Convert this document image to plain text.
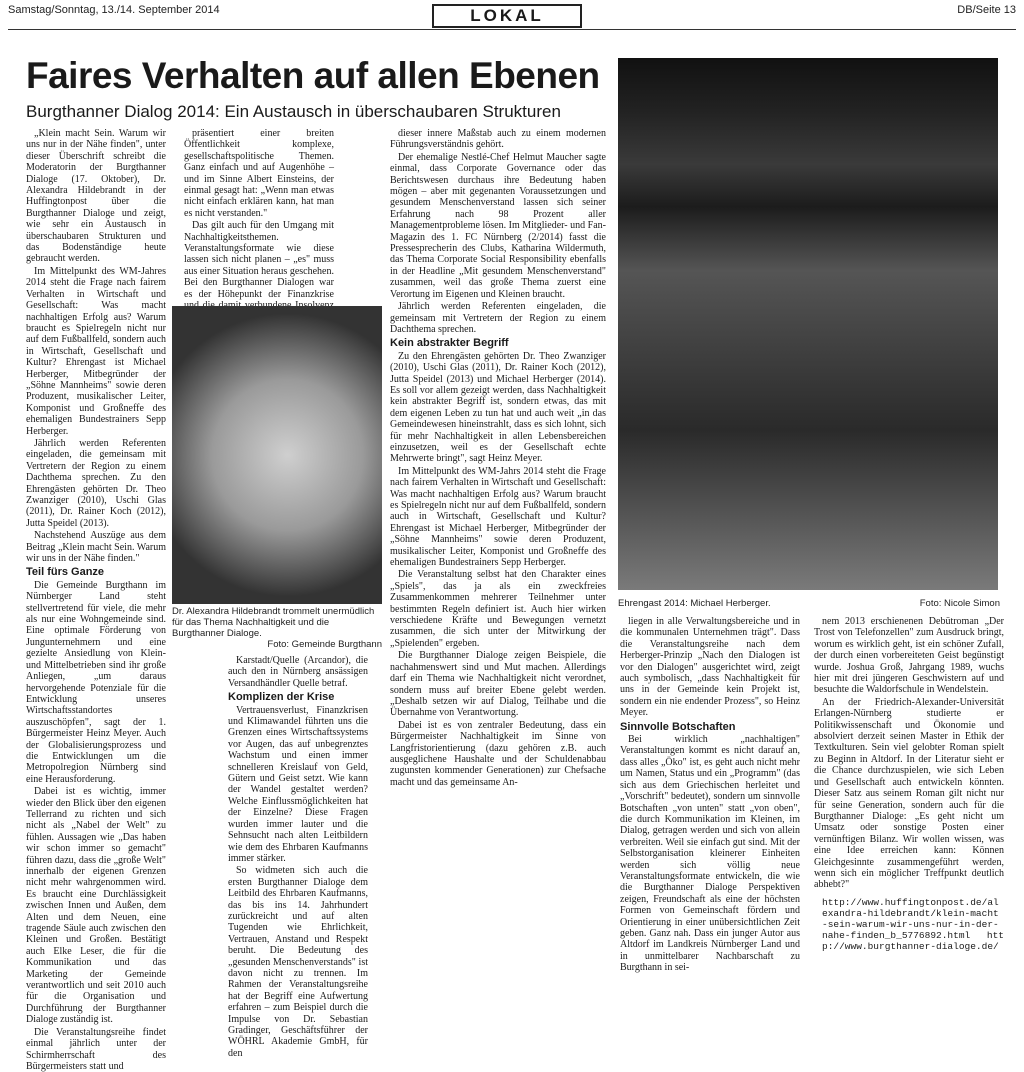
Samstag/Sonntag, 13./14. September 2014	LOKAL	DB/Seite 13
Faires Verhalten auf allen Ebenen
Burgthanner Dialog 2014: Ein Austausch in überschaubaren Strukturen

„Klein macht Sein. Warum wir uns nur in der Nähe finden", unter dieser Überschrift schreibt die Moderatorin der Burgthanner Dialoge (17. Oktober), Dr. Alexandra Hildebrandt in der Huffingtonpost über die Burgthanner Dialoge und zeigt, wie sehr ein Austausch in überschaubaren Strukturen und das Bodenständige heute gebraucht werden.

Im Mittelpunkt des WM-Jahres 2014 steht die Frage nach fairem Verhalten in Wirtschaft und Gesellschaft: Was macht nachhaltigen Erfolg aus? Warum braucht es Spielregeln nicht nur auf dem Fußballfeld, sondern auch in Wirtschaft, Gesellschaft und Kultur? Ehrengast ist Michael Herberger, Mitbegründer der „Söhne Mannheims" sowie deren Produzent, musikalischer Leiter, Komponist und Großneffe des ehemaligen Bundestrainers Sepp Herberger.

Jährlich werden Referenten eingeladen, die gemeinsam mit Vertretern der Region zu einem Dachthema sprechen. Zu den Ehrengästen gehörten Dr. Theo Zwanziger (2010), Uschi Glas (2011), Dr. Rainer Koch (2012), Jutta Speidel (2013).

Nachstehend Auszüge aus dem Beitrag „Klein macht Sein. Warum wir uns in der Nähe finden."

Teil fürs Ganze

Die Gemeinde Burgthann im Nürnberger Land steht stellvertretend für viele, die mehr als nur eine Wohngemeinde sind. Eine optimale Förderung von Jungunternehmern und eine gezielte Ansiedlung von Klein- und Mittelbetrieben sind ihr große Anliegen, „um daraus hervorgehende Potenziale für die Entwicklung unseres Wirtschaftsstandortes auszuschöpfen", sagt der 1. Bürgermeister Heinz Meyer. Auch der Globalisierungsprozess und die Entwicklungen um die Metropolregion Nürnberg sind eine Herausforderung.

Dabei ist es wichtig, immer wieder den Blick über den eigenen Tellerrand zu richten und sich nicht als „Nabel der Welt" zu fühlen. Aussagen wie „Das haben wir schon immer so gemacht" führen dazu, dass die „große Welt" innerhalb der eigenen Grenzen nicht mehr wahrgenommen wird. Es braucht eine Durchlässigkeit zwischen Innen und Außen, dem Alten und dem Neuen, eine tragende Säule auch zwischen den Kleinen und Großen. Bestätigt auch Elke Leser, die für die Kommunikation und das Marketing der Gemeinde verantwortlich und seit 2010 auch für die Organisation und Durchführung der Burgthanner Dialoge zuständig ist.

Die Veranstaltungsreihe findet einmal jährlich unter der Schirmherrschaft des Bürgermeisters statt und

präsentiert einer breiten Öffentlichkeit komplexe, gesellschaftspolitische Themen. Ganz einfach und auf Augenhöhe – und im Sinne Albert Einsteins, der einmal gesagt hat: „Wenn man etwas nicht einfach erklären kann, hat man es nicht verstanden."

Das gilt auch für den Umgang mit Nachhaltigkeitsthemen. Veranstaltungsformate wie diese lassen sich nicht planen – „es" muss aus einer Situation heraus geschehen. Bei den Burgthanner Dialogen war es der Höhepunkt der Finanzkrise

Dr. Alexandra Hildebrandt trommelt unermüdlich für das Thema Nachhaltigkeit und die Burgthanner Dialoge.
Foto: Gemeinde Burgthann

Karstadt/Quelle (Arcandor), die auch den in Nürnberg ansässigen Versandhändler Quelle betraf.

Komplizen der Krise

Vertrauensverlust, Finanzkrisen und Klimawandel führten uns die Grenzen eines Wirtschaftssystems vor Augen, das auf unbegrenztes Wachstum und einen immer schnelleren Kreislauf von Geld, Gütern und Geist setzt. Wie kann der Wandel gestaltet werden? Welche Einflussmöglichkeiten hat der Einzelne? Diese Fragen wurden immer lauter und die Sehnsucht nach alten Leitbildern wie dem des Ehrbaren Kaufmanns immer stärker.

So widmeten sich auch die ersten Burgthanner Dialoge dem Leitbild des Ehrbaren Kaufmanns, das bis ins 14. Jahrhundert zurückreicht und auf alten Tugenden wie Ehrlichkeit, Vertrauen, Anstand und Respekt beruht. Die Bedeutung des „gesunden Menschenverstands" ist davon nicht zu trennen. Im Rahmen der Veranstaltungsreihe hat der Begriff eine Aufwertung erfahren – zum Beispiel durch die Impulse von Dr. Sebastian Gradinger, Geschäftsführer der WÖHRL Akademie GmbH, für den

dieser innere Maßstab auch zu einem modernen Führungsverständnis gehört.

Der ehemalige Nestlé-Chef Helmut Maucher sagte einmal, dass Corporate Governance oder das Berichtswesen durchaus ihre Bedeutung haben mögen – aber mit gegenanten Voraussetzungen und gesundem Menschenverstand lassen sich seiner Erfahrung nach 98 Prozent aller Managementprobleme lösen. Im Mitglieder- und Fan-Magazin des 1. FC Nürnberg (2/2014) fasst die Pressesprecherin des Clubs, Katharina Wildermuth, das Thema Corporate Social Responsibility ebenfalls in der Headline „Mit gesundem Menschenverstand" zusammen, weil das große Thema zuerst eine Verortung im Eigenen und Kleinen braucht.

Jährlich werden Referenten eingeladen, die gemeinsam mit Vertretern der Region zu einem Dachthema sprechen.

Kein abstrakter Begriff

Zu den Ehrengästen gehörten Dr. Theo Zwanziger (2010), Uschi Glas (2011), Dr. Rainer Koch (2012), Jutta Speidel (2013) und Michael Herberger (2014). Es soll vor allem gezeigt werden, dass Nachhaltigkeit kein abstrakter Begriff ist, sondern etwas, das mit dem eigenen Leben zu tun hat und auch weit „in das Gemeindewesen hineinstrahlt, dass es sich lohnt, sich für mehr Nachhaltigkeit in allen Lebensbereichen einzusetzen, weil es der Gesellschaft echte Mehrwerte bringt", sagt Heinz Meyer.

Im Mittelpunkt des WM-Jahrs 2014 steht die Frage nach fairem Verhalten in Wirtschaft und Gesellschaft: Was macht nachhaltigen Erfolg aus? Warum braucht es Spielregeln nicht nur auf dem Fußballfeld, sondern auch in Wirtschaft, Gesellschaft und Kultur? Ehrengast ist Michael Herberger, Mitbegründer der „Söhne Mannheims" sowie deren Produzent, musikalischer Leiter, Komponist und Großneffe des ehemaligen Bundestrainers Sepp Herberger.

Die Veranstaltung selbst hat den Charakter eines „Spiels", das ja als ein zweckfreies Zusammenkommen mehrerer Teilnehmer unter bestimmten Regeln definiert ist. Auch hier wirken verschiedene Kräfte und Bewegungen vernetzt zusammen, die sich unter der Mitwirkung der „Spielenden" ergeben.

Die Burgthanner Dialoge zeigen Beispiele, die nachahmenswert sind und Mut machen. Allerdings darf ein Thema wie Nachhaltigkeit nicht verordnet, sondern muss auf breiter Ebene gelebt werden. „Deshalb setzen wir auf Dialog, Teilhabe und die Übernahme von Verantwortung.

Dabei ist es von zentraler Bedeutung, dass ein Bürgermeister Nachhaltigkeit im Sinne von Langfristorientierung (dazu gehören z.B. auch ausgeglichene Haushalte und der Schuldenabbau zugunsten kommender Generationen) zur Chefsache macht und das gemeinsame An-

Ehrengast 2014: Michael Herberger.	Foto: Nicole Simon

liegen in alle Verwaltungsbereiche und in die kommunalen Unternehmen trägt". Dass die Veranstaltungsreihe nach dem Herberger-Prinzip „Nach den Dialogen ist vor den Dialogen" ausgerichtet wird, zeigt auch symbolisch, „dass Nachhaltigkeit für uns in der Gemeinde kein Projekt ist, sondern ein nie endender Prozess", so Heinz Meyer.

Sinnvolle Botschaften

Bei wirklich „nachhaltigen" Veranstaltungen kommt es nicht darauf an, dass alles „Öko" ist, es geht auch nicht mehr um Namen, Status und ein „Programm" (das sich aus dem Griechischen herleitet und „Vorschrift" bedeutet), sondern um sinnvolle Botschaften „von unten" statt „von oben", die durch Kommunikation im Kleinen, im Dialog, getragen werden und sich von allein verbreiten. Weil sie einfach gut sind. Mit der Selbstorganisation kleinerer Einheiten werden sich völlig neue Veranstaltungsformate entwickeln, die wie die Burgthanner Dialoge Perspektiven zeigen, Freundschaft als eine der höchsten Formen von Gemeinschaft fördern und Orientierung in einer unübersichtlichen Zeit geben. Ganz nah. Dass ein junger Autor aus Altdorf im Landkreis Nürnberger Land und in unmittelbarer Nachbarschaft zu Burgthann in sei-

nem 2013 erschienenen Debütroman „Der Trost von Telefonzellen" zum Ausdruck bringt, worum es wirklich geht, ist ein schöner Zufall, der durch einen vorbereiteten Geist begünstigt wurde. Joshua Groß, Jahrgang 1989, wuchs hier mit drei jüngeren Geschwistern auf und besuchte die Waldorfschule in Wendelstein.

An der Friedrich-Alexander-Universität Erlangen-Nürnberg studierte er Politikwissenschaft und Ökonomie und absolviert derzeit seinen Master in Ethik der Textkulturen. Sein viel gelobter Roman spielt zu Beginn in Altdorf. In der Literatur sieht er die Chance durchzuspielen, wie sich Leben und Gesellschaft auch entwickeln könnten. Dieser Satz aus seinem Roman gilt nicht nur für seine Generation, sondern auch für die Burgthanner Dialoge: „Es geht nicht um Umsatz oder sonstige Posten einer vernünftigen Bilanz. Wir wollen wissen, was eine Idee erreichen kann: Können Gleichgesinnte zusammengeführt werden, wenn sich ein möglicher Treffpunkt deutlich abhebt?"

http://www.huffingtonpost.de/alexandra-hildebrandt/klein-macht-sein-warum-wir-uns-nur-in-der-nahe-finden_b_5776892.html http://www.burgthanner-dialoge.de/
